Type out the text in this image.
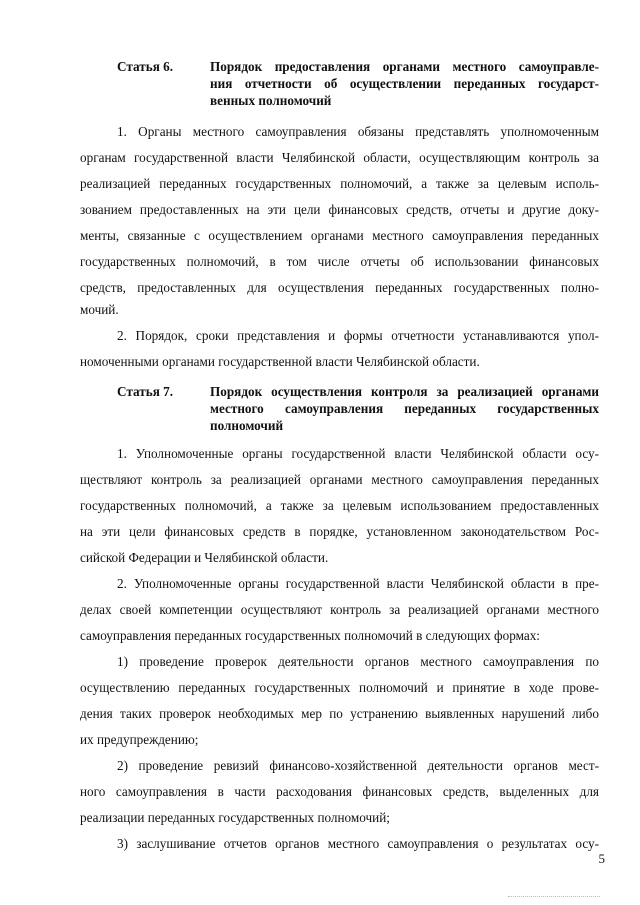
Статья 6.	Порядок предоставления органами местного самоуправле-
ния отчетности об осуществлении переданных государст-
венных полномочий
1. Органы местного самоуправления обязаны представлять уполномоченным
органам государственной власти Челябинской области, осуществляющим контроль за
реализацией переданных государственных полномочий, а также за целевым исполь-
зованием предоставленных на эти цели финансовых средств, отчеты и другие доку-
менты, связанные с осуществлением органами местного самоуправления переданных
государственных полномочий, в том числе отчеты об использовании финансовых
средств, предоставленных для осуществления переданных государственных полно-
мочий.
2. Порядок, сроки представления и формы отчетности устанавливаются упол-
номоченными органами государственной власти Челябинской области.
Статья 7.	Порядок осуществления контроля за реализацией органами
местного самоуправления переданных государственных
полномочий
1. Уполномоченные органы государственной власти Челябинской области осу-
ществляют контроль за реализацией органами местного самоуправления переданных
государственных полномочий, а также за целевым использованием предоставленных
на эти цели финансовых средств в порядке, установленном законодательством Рос-
сийской Федерации и Челябинской области.
2. Уполномоченные органы государственной власти Челябинской области в пре-
делах своей компетенции осуществляют контроль за реализацией органами местного
самоуправления переданных государственных полномочий в следующих формах:
1) проведение проверок деятельности органов местного самоуправления по
осуществлению переданных государственных полномочий и принятие в ходе прове-
дения таких проверок необходимых мер по устранению выявленных нарушений либо
их предупреждению;
2) проведение ревизий финансово-хозяйственной деятельности органов мест-
ного самоуправления в части расходования финансовых средств, выделенных для
реализации переданных государственных полномочий;
3) заслушивание отчетов органов местного самоуправления о результатах осу-
5
